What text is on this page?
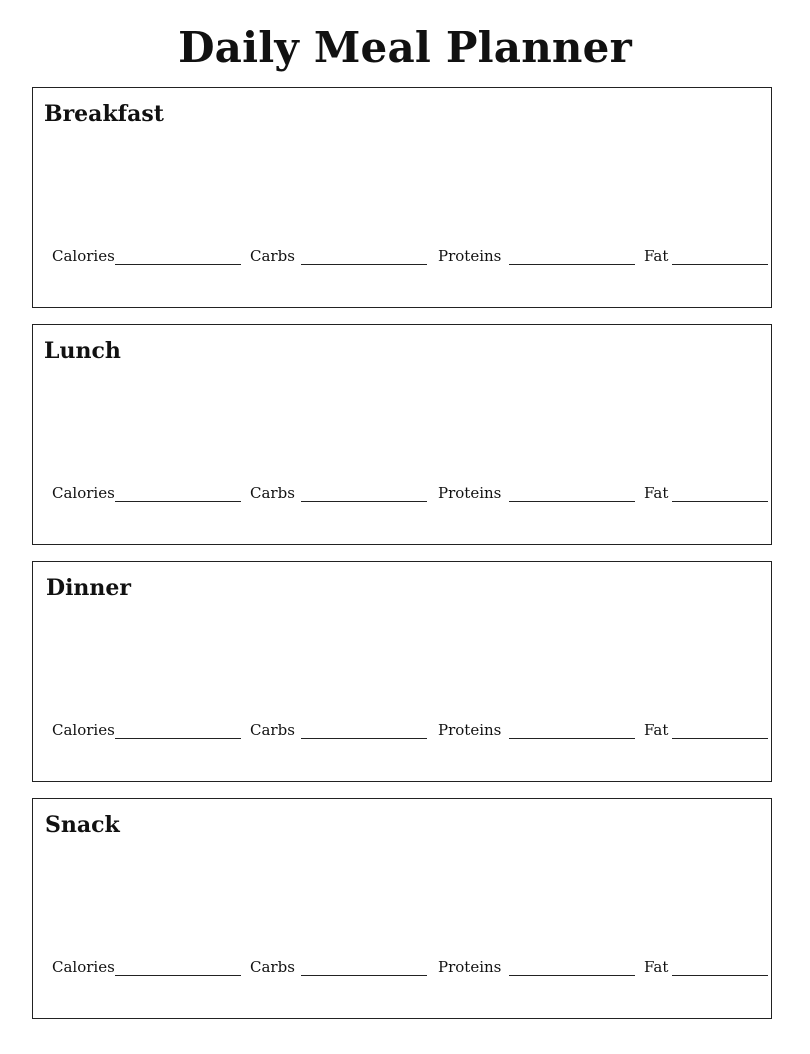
Daily Meal Planner
Breakfast
Calories	Carbs	Proteins	Fat
Lunch
Calories	Carbs	Proteins	Fat
Dinner
Calories	Carbs	Proteins	Fat
Snack
Calories	Carbs	Proteins	Fat
